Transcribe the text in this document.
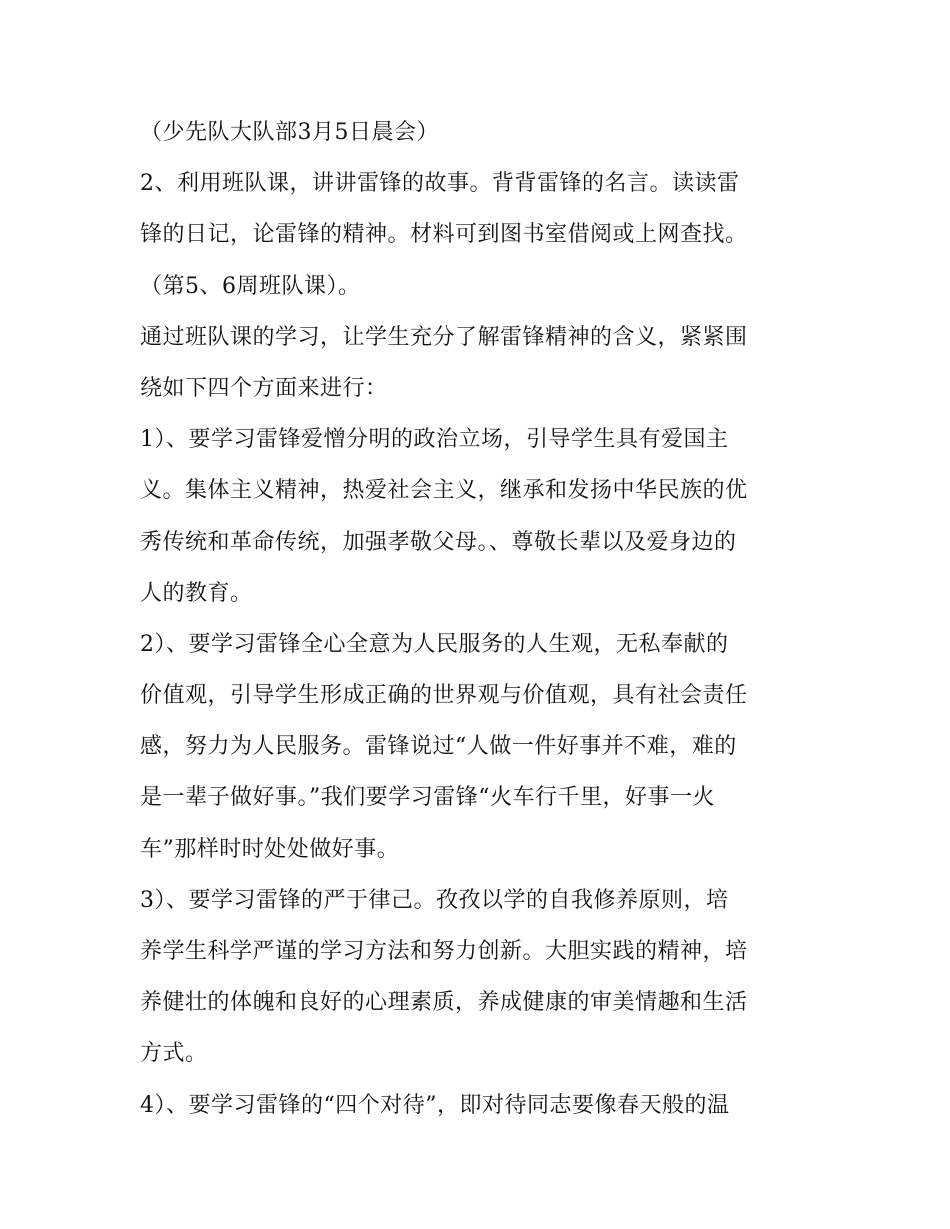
（少先队大队部3月5日晨会）
2、利用班队课，讲讲雷锋的故事。背背雷锋的名言。读读雷
锋的日记，论雷锋的精神。材料可到图书室借阅或上网查找。
（第5、6周班队课）。
通过班队课的学习，让学生充分了解雷锋精神的含义，紧紧围
绕如下四个方面来进行：
1）、要学习雷锋爱憎分明的政治立场，引导学生具有爱国主
义。集体主义精神，热爱社会主义，继承和发扬中华民族的优
秀传统和革命传统，加强孝敬父母。、尊敬长辈以及爱身边的
人的教育。
2）、要学习雷锋全心全意为人民服务的人生观，无私奉献的
价值观，引导学生形成正确的世界观与价值观，具有社会责任
感，努力为人民服务。雷锋说过“人做一件好事并不难，难的
是一辈子做好事。”我们要学习雷锋“火车行千里，好事一火
车”那样时时处处做好事。
3）、要学习雷锋的严于律己。孜孜以学的自我修养原则，培
养学生科学严谨的学习方法和努力创新。大胆实践的精神，培
养健壮的体魄和良好的心理素质，养成健康的审美情趣和生活
方式。
4）、要学习雷锋的“四个对待”，即对待同志要像春天般的温
